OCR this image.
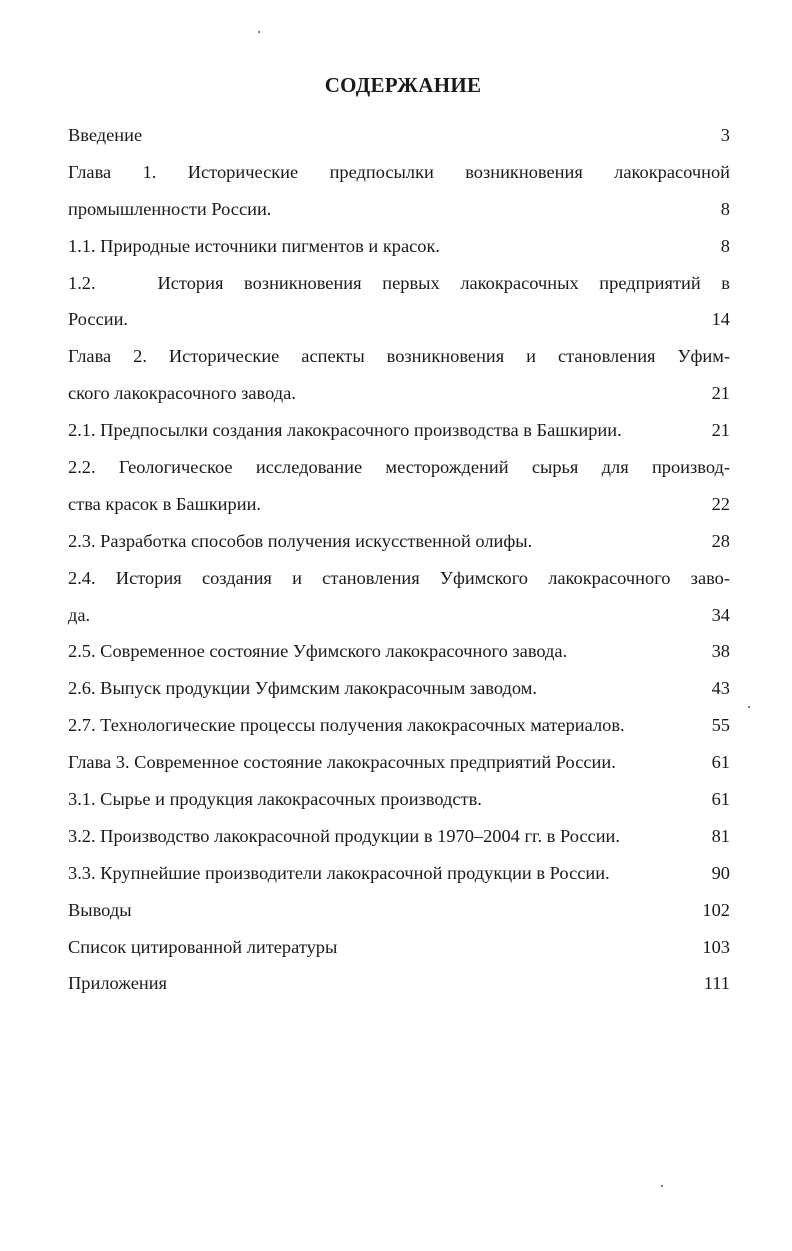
СОДЕРЖАНИЕ
Введение	3
Глава 1. Исторические предпосылки возникновения лакокрасочной
промышленности России.	8
1.1. Природные источники пигментов и красок.	8
1.2.   История возникновения первых лакокрасочных предприятий в
России.	14
Глава 2. Исторические аспекты возникновения и становления Уфим-
ского лакокрасочного завода.	21
2.1. Предпосылки создания лакокрасочного производства в Башкирии.	21
2.2. Геологическое исследование месторождений сырья для производ-
ства красок в Башкирии.	22
2.3. Разработка способов получения искусственной олифы.	28
2.4. История создания и становления Уфимского лакокрасочного заво-
да.	34
2.5. Современное состояние Уфимского лакокрасочного завода.	38
2.6. Выпуск продукции Уфимским лакокрасочным заводом.	43
2.7. Технологические процессы получения лакокрасочных материалов.	55
Глава 3. Современное состояние лакокрасочных предприятий России.	61
3.1. Сырье и продукция лакокрасочных производств.	61
3.2. Производство лакокрасочной продукции в 1970–2004 гг. в России.	81
3.3. Крупнейшие производители лакокрасочной продукции в России.	90
Выводы	102
Список цитированной литературы	103
Приложения	111
